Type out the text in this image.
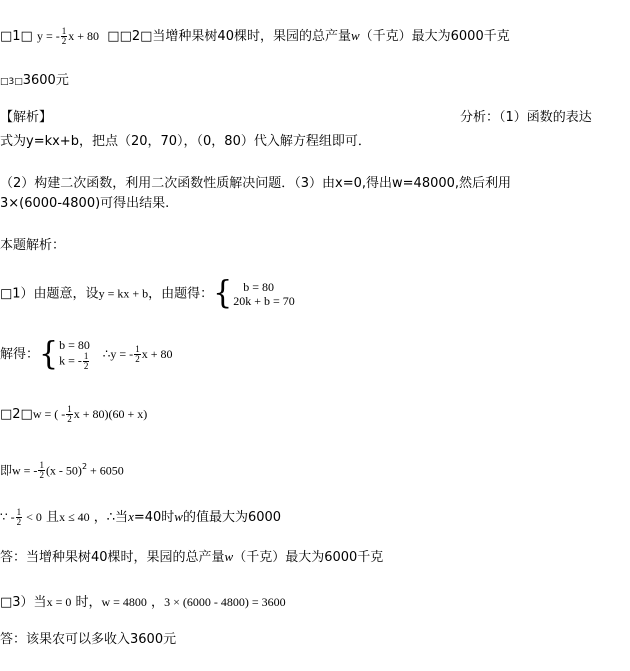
□1□ y = - $\frac{1}{2}$ x + 80 □□2□当增种果树40棵时，果园的总产量w（千克）最大为6000千克
□3□3600元
【解析】	分析：（1）函数的表达
式为y=kx+b，把点（20，70），（0，80）代入解方程组即可．
（2）构建二次函数，利用二次函数性质解决问题．（3）由x=0,得出w=48000,然后利用
3×(6000-4800)可得出结果.
本题解析：
□1）由题意，设y = kx + b，由题得：{ b = 80
20k + b = 70
解得：{ b = 80
k = - $\frac{1}{2}$ ∴y = - $\frac{1}{2}$ x + 80
□2□w = ( - $\frac{1}{2}$ x + 80)(60 + x)
即w = - $\frac{1}{2} (x - 50)^2 + 6050$
∵ - $\frac{1}{2} < 0$ 且x ≤ 40 ，∴当x=40时w的值最大为6000
答：当增种果树40棵时，果园的总产量w（千克）最大为6000千克
□3）当x = 0 时，w = 4800 ，3 × (6000 - 4800) = 3600
答：该果农可以多收入3600元
